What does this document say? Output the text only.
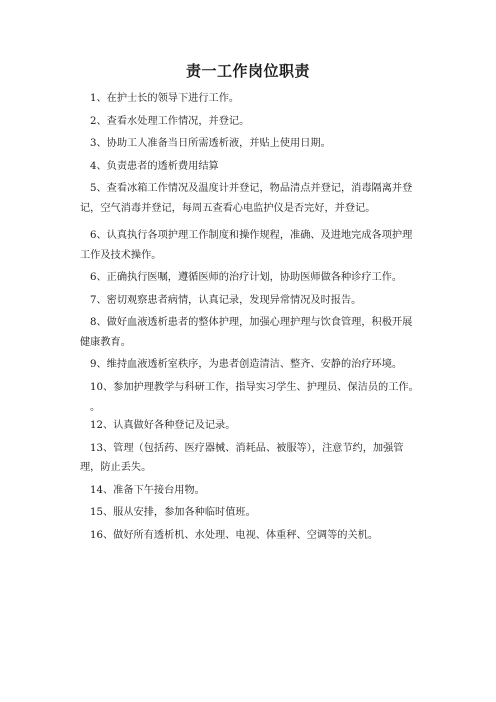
责一工作岗位职责

1、在护士长的领导下进行工作。

2、查看水处理工作情况，并登记。

3、协助工人准备当日所需透析液，并贴上使用日期。

4、负责患者的透析费用结算

5、查看冰箱工作情况及温度计并登记，物品清点并登记，消毒隔离并登记，空气消毒并登记，每周五查看心电监护仪是否完好，并登记。

6、认真执行各项护理工作制度和操作规程，准确、及进地完成各项护理工作及技术操作。

6、正确执行医嘱，遵循医师的治疗计划，协助医师做各种诊疗工作。

7、密切观察患者病情，认真记录，发现异常情况及时报告。

8、做好血液透析患者的整体护理，加强心理护理与饮食管理，积极开展健康教育。

9、维持血液透析室秩序，为患者创造清洁、整齐、安静的治疗环境。

10、参加护理教学与科研工作，指导实习学生、护理员、保洁员的工作。

。

12、认真做好各种登记及记录。

13、管理（包括药、医疗器械、消耗品、被服等），注意节约，加强管理，防止丢失。

14、准备下午接台用物。

15、服从安排，参加各种临时值班。

16、做好所有透析机、水处理、电视、体重秤、空调等的关机。
